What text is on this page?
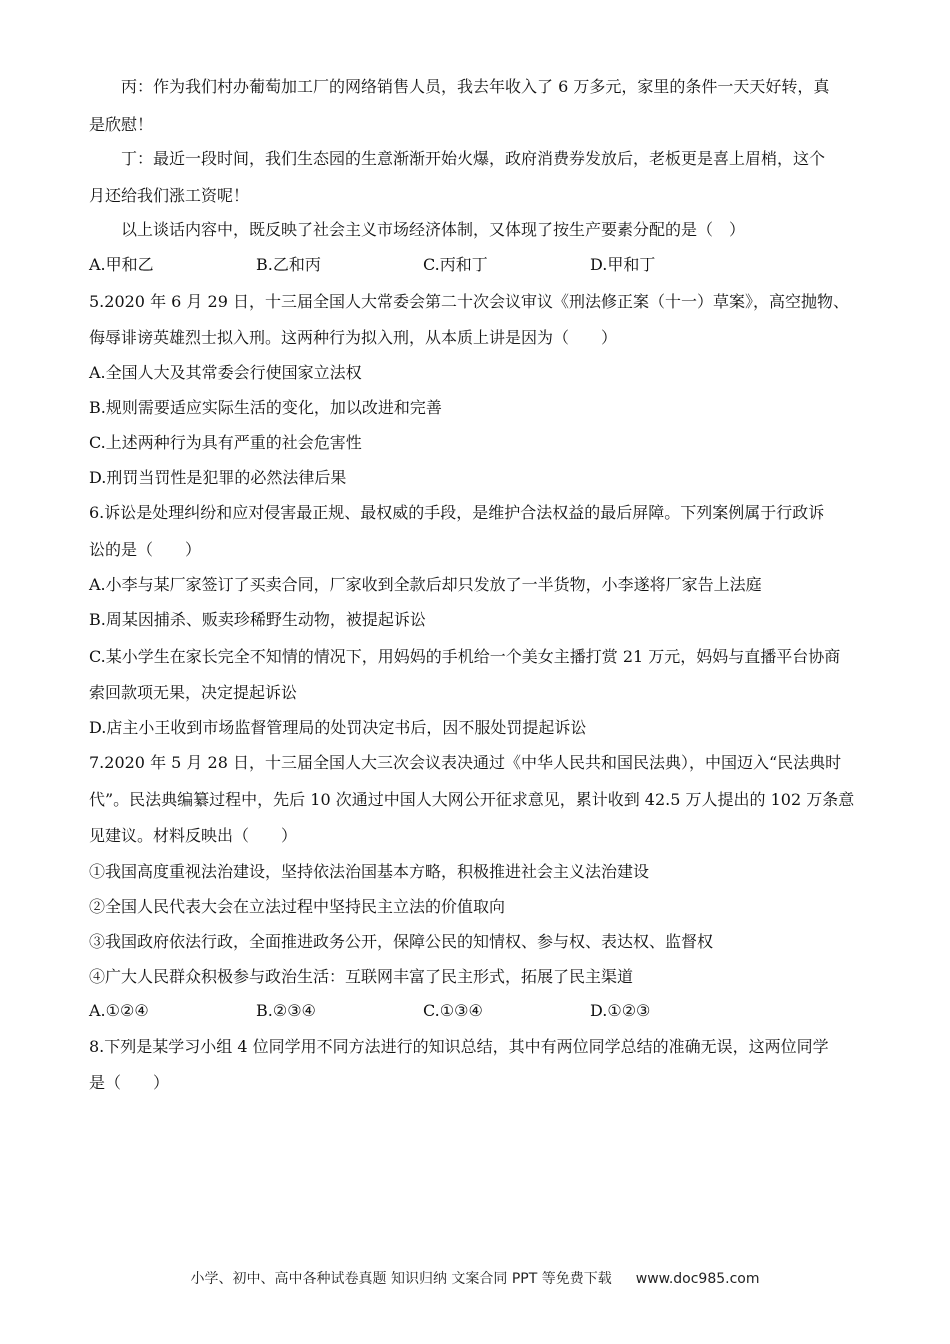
丙：作为我们村办葡萄加工厂的网络销售人员，我去年收入了 6 万多元，家里的条件一天天好转，真

是欣慰！

丁：最近一段时间，我们生态园的生意渐渐开始火爆，政府消费券发放后，老板更是喜上眉梢，这个

月还给我们涨工资呢！

以上谈话内容中，既反映了社会主义市场经济体制，又体现了按生产要素分配的是（　）

A.甲和乙	B.乙和丙	C.丙和丁	D.甲和丁

5.2020 年 6 月 29 日，十三届全国人大常委会第二十次会议审议《刑法修正案（十一）草案》，高空抛物、

侮辱诽谤英雄烈士拟入刑。这两种行为拟入刑，从本质上讲是因为（　　）

A.全国人大及其常委会行使国家立法权

B.规则需要适应实际生活的变化，加以改进和完善

C.上述两种行为具有严重的社会危害性

D.刑罚当罚性是犯罪的必然法律后果

6.诉讼是处理纠纷和应对侵害最正规、最权威的手段，是维护合法权益的最后屏障。下列案例属于行政诉

讼的是（　　）

A.小李与某厂家签订了买卖合同，厂家收到全款后却只发放了一半货物，小李遂将厂家告上法庭

B.周某因捕杀、贩卖珍稀野生动物，被提起诉讼

C.某小学生在家长完全不知情的情况下，用妈妈的手机给一个美女主播打赏 21 万元，妈妈与直播平台协商

索回款项无果，决定提起诉讼

D.店主小王收到市场监督管理局的处罚决定书后，因不服处罚提起诉讼

7.2020 年 5 月 28 日，十三届全国人大三次会议表决通过《中华人民共和国民法典），中国迈入“民法典时

代”。民法典编纂过程中，先后 10 次通过中国人大网公开征求意见，累计收到 42.5 万人提出的 102 万条意

见建议。材料反映出（　　）

①我国高度重视法治建设，坚持依法治国基本方略，积极推进社会主义法治建设

②全国人民代表大会在立法过程中坚持民主立法的价值取向

③我国政府依法行政，全面推进政务公开，保障公民的知情权、参与权、表达权、监督权

④广大人民群众积极参与政治生活：互联网丰富了民主形式，拓展了民主渠道

A.①②④	B.②③④	C.①③④	D.①②③

8.下列是某学习小组 4 位同学用不同方法进行的知识总结，其中有两位同学总结的准确无误，这两位同学

是（　　）

小学、初中、高中各种试卷真题 知识归纳 文案合同 PPT 等免费下载 www.doc985.com
